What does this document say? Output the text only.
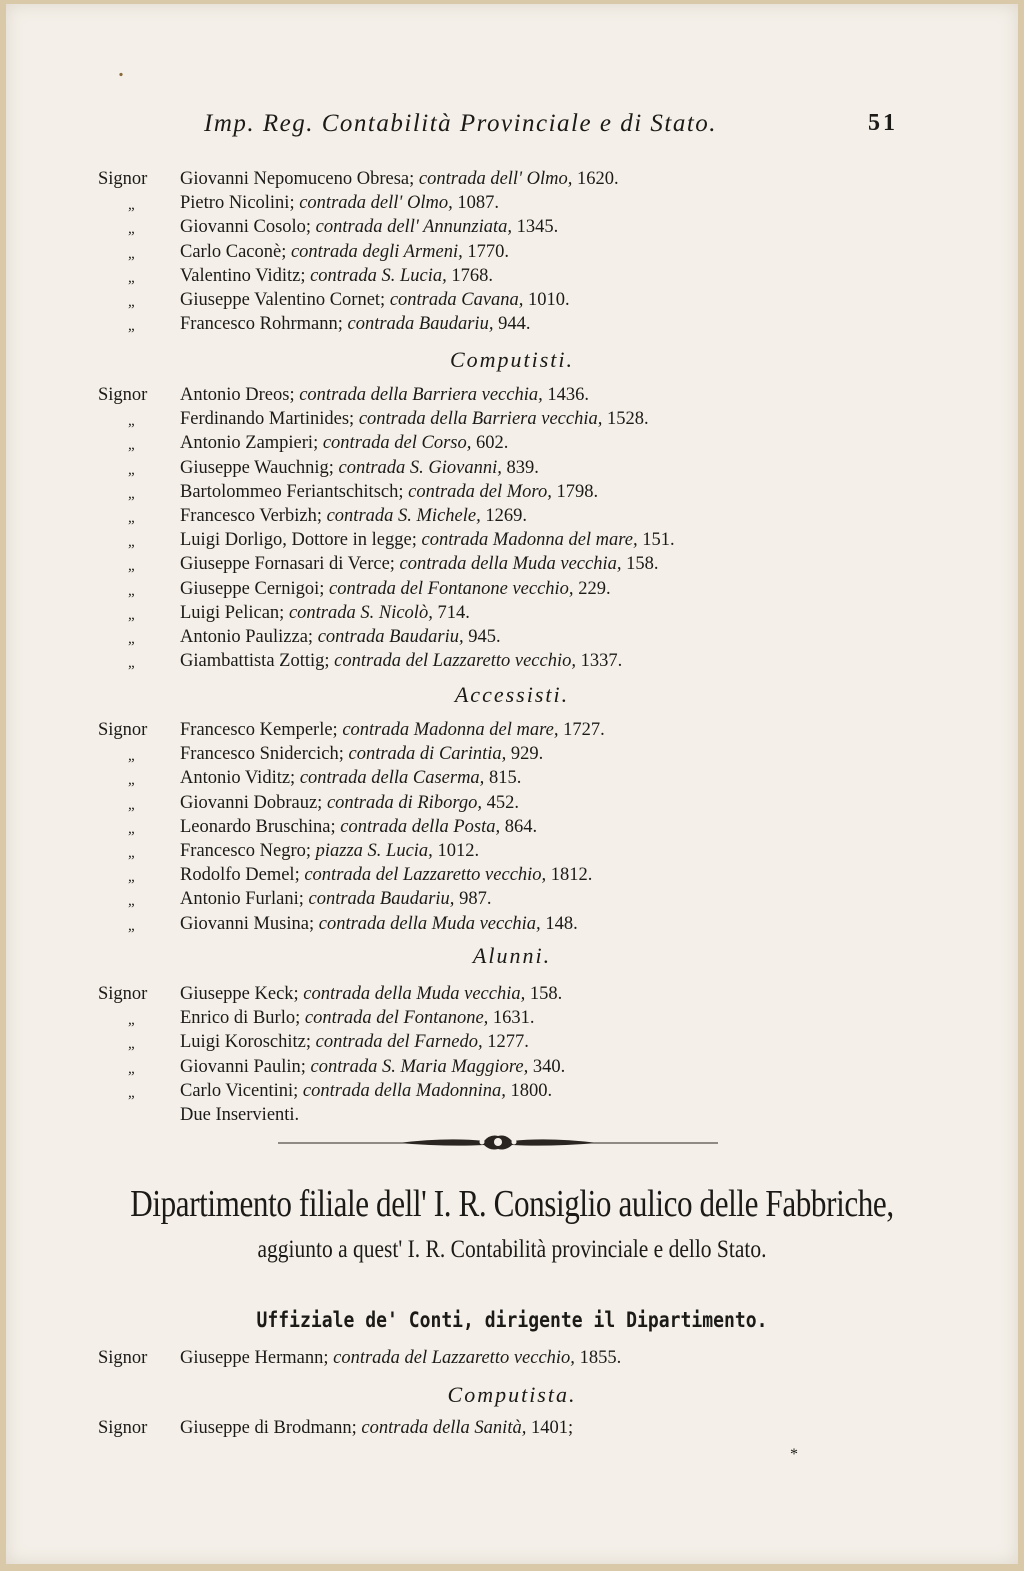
•
Imp. Reg. Contabilità Provinciale e di Stato.	51
Signor	Giovanni Nepomuceno Obresa; contrada dell' Olmo, 1620.
„	Pietro Nicolini; contrada dell' Olmo, 1087.
„	Giovanni Cosolo; contrada dell' Annunziata, 1345.
„	Carlo Caconè; contrada degli Armeni, 1770.
„	Valentino Viditz; contrada S. Lucia, 1768.
„	Giuseppe Valentino Cornet; contrada Cavana, 1010.
„	Francesco Rohrmann; contrada Baudariu, 944.
Computisti.
Signor	Antonio Dreos; contrada della Barriera vecchia, 1436.
„	Ferdinando Martinides; contrada della Barriera vecchia, 1528.
„	Antonio Zampieri; contrada del Corso, 602.
„	Giuseppe Wauchnig; contrada S. Giovanni, 839.
„	Bartolommeo Feriantschitsch; contrada del Moro, 1798.
„	Francesco Verbizh; contrada S. Michele, 1269.
„	Luigi Dorligo, Dottore in legge; contrada Madonna del mare, 151.
„	Giuseppe Fornasari di Verce; contrada della Muda vecchia, 158.
„	Giuseppe Cernigoi; contrada del Fontanone vecchio, 229.
„	Luigi Pelican; contrada S. Nicolò, 714.
„	Antonio Paulizza; contrada Baudariu, 945.
„	Giambattista Zottig; contrada del Lazzaretto vecchio, 1337.
Accessisti.
Signor	Francesco Kemperle; contrada Madonna del mare, 1727.
„	Francesco Sniderсich; contrada di Carintia, 929.
„	Antonio Viditz; contrada della Caserma, 815.
„	Giovanni Dobrauz; contrada di Riborgo, 452.
„	Leonardo Bruschina; contrada della Posta, 864.
„	Francesco Negro; piazza S. Lucia, 1012.
„	Rodolfo Demel; contrada del Lazzaretto vecchio, 1812.
„	Antonio Furlani; contrada Baudariu, 987.
„	Giovanni Musina; contrada della Muda vecchia, 148.
Alunni.
Signor	Giuseppe Keck; contrada della Muda vecchia, 158.
„	Enrico di Burlo; contrada del Fontanone, 1631.
„	Luigi Koroschitz; contrada del Farnedo, 1277.
„	Giovanni Paulin; contrada S. Maria Maggiore, 340.
„	Carlo Vicentini; contrada della Madonnina, 1800.
Due Inservienti.
Dipartimento filiale dell' I. R. Consiglio aulico delle Fabbriche,
aggiunto a quest' I. R. Contabilità provinciale e dello Stato.
Uffiziale de' Conti, dirigente il Dipartimento.
Signor	Giuseppe Hermann; contrada del Lazzaretto vecchio, 1855.
Computista.
Signor	Giuseppe di Brodmann; contrada della Sanità, 1401;
*
